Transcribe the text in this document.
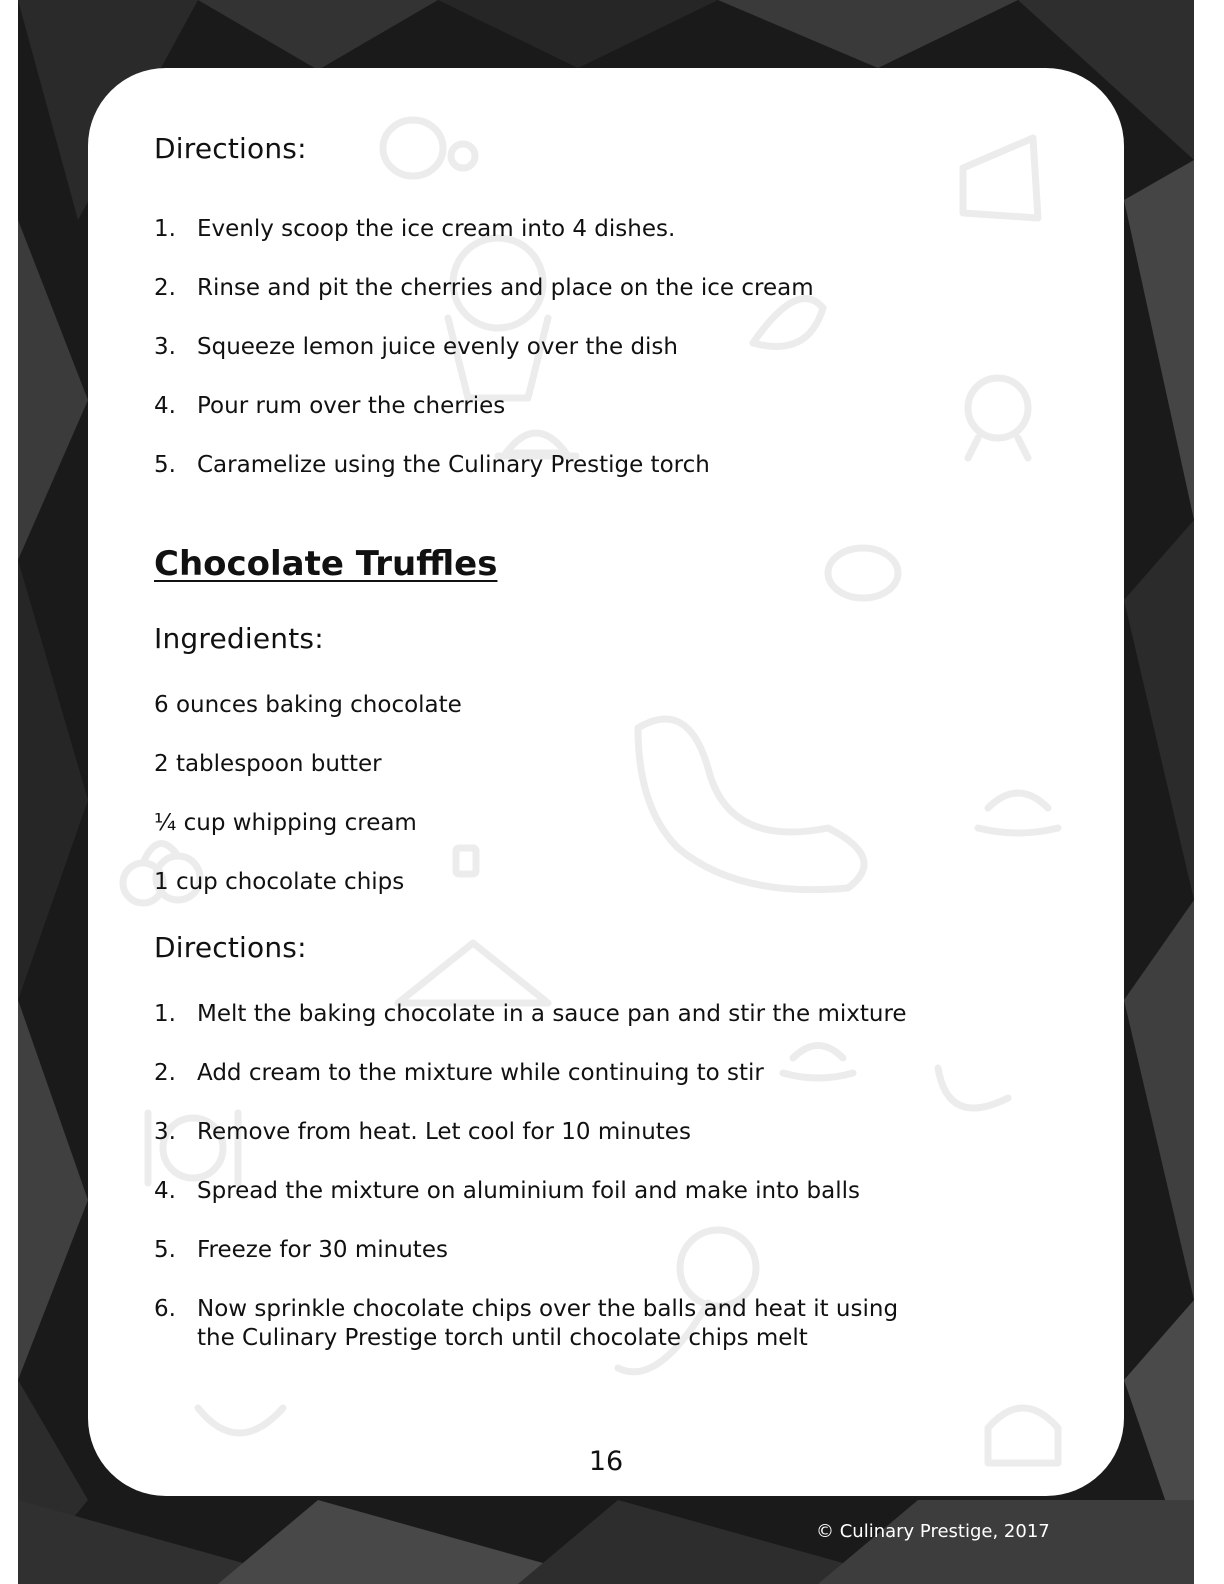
Directions:
1. Evenly scoop the ice cream into 4 dishes.
2. Rinse and pit the cherries and place on the ice cream
3. Squeeze lemon juice evenly over the dish
4. Pour rum over the cherries
5. Caramelize using the Culinary Prestige torch
Chocolate Truffles
Ingredients:
6 ounces baking chocolate
2 tablespoon butter
¼ cup whipping cream
1 cup chocolate chips
Directions:
1. Melt the baking chocolate in a sauce pan and stir the mixture
2. Add cream to the mixture while continuing to stir
3. Remove from heat. Let cool for 10 minutes
4. Spread the mixture on aluminium foil and make into balls
5. Freeze for 30 minutes
6. Now sprinkle chocolate chips over the balls and heat it using
the Culinary Prestige torch until chocolate chips melt
16
© Culinary Prestige, 2017
